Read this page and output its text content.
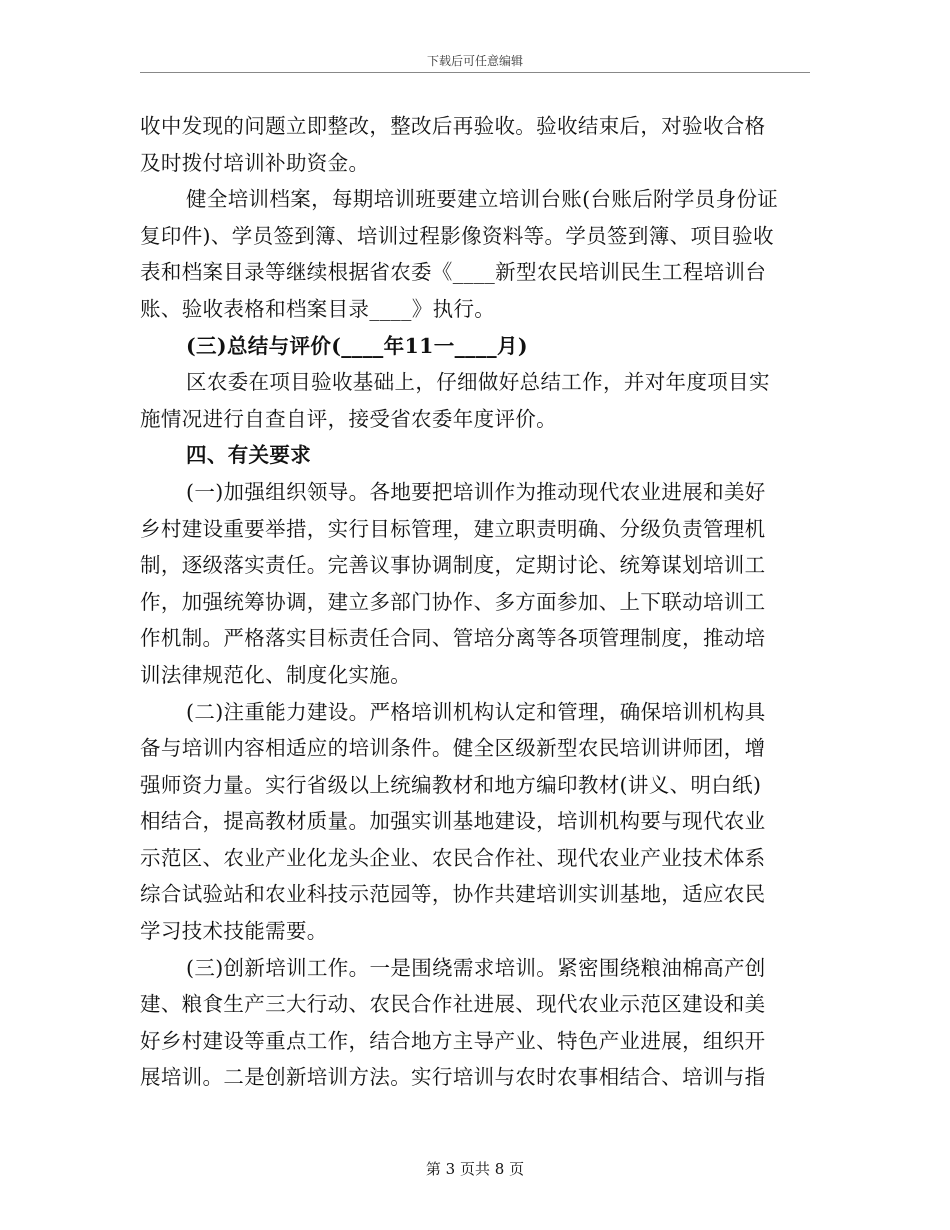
下载后可任意编辑
收中发现的问题立即整改，整改后再验收。验收结束后，对验收合格
及时拨付培训补助资金。
健全培训档案，每期培训班要建立培训台账(台账后附学员身份证
复印件)、学员签到簿、培训过程影像资料等。学员签到簿、项目验收
表和档案目录等继续根据省农委《____新型农民培训民生工程培训台
账、验收表格和档案目录____》执行。
(三)总结与评价(____年11一____月)
区农委在项目验收基础上，仔细做好总结工作，并对年度项目实
施情况进行自查自评，接受省农委年度评价。
四、有关要求
(一)加强组织领导。各地要把培训作为推动现代农业进展和美好
乡村建设重要举措，实行目标管理，建立职责明确、分级负责管理机
制，逐级落实责任。完善议事协调制度，定期讨论、统筹谋划培训工
作，加强统筹协调，建立多部门协作、多方面参加、上下联动培训工
作机制。严格落实目标责任合同、管培分离等各项管理制度，推动培
训法律规范化、制度化实施。
(二)注重能力建设。严格培训机构认定和管理，确保培训机构具
备与培训内容相适应的培训条件。健全区级新型农民培训讲师团，增
强师资力量。实行省级以上统编教材和地方编印教材(讲义、明白纸)
相结合，提高教材质量。加强实训基地建设，培训机构要与现代农业
示范区、农业产业化龙头企业、农民合作社、现代农业产业技术体系
综合试验站和农业科技示范园等，协作共建培训实训基地，适应农民
学习技术技能需要。
(三)创新培训工作。一是围绕需求培训。紧密围绕粮油棉高产创
建、粮食生产三大行动、农民合作社进展、现代农业示范区建设和美
好乡村建设等重点工作，结合地方主导产业、特色产业进展，组织开
展培训。二是创新培训方法。实行培训与农时农事相结合、培训与指
第 3 页共 8 页
